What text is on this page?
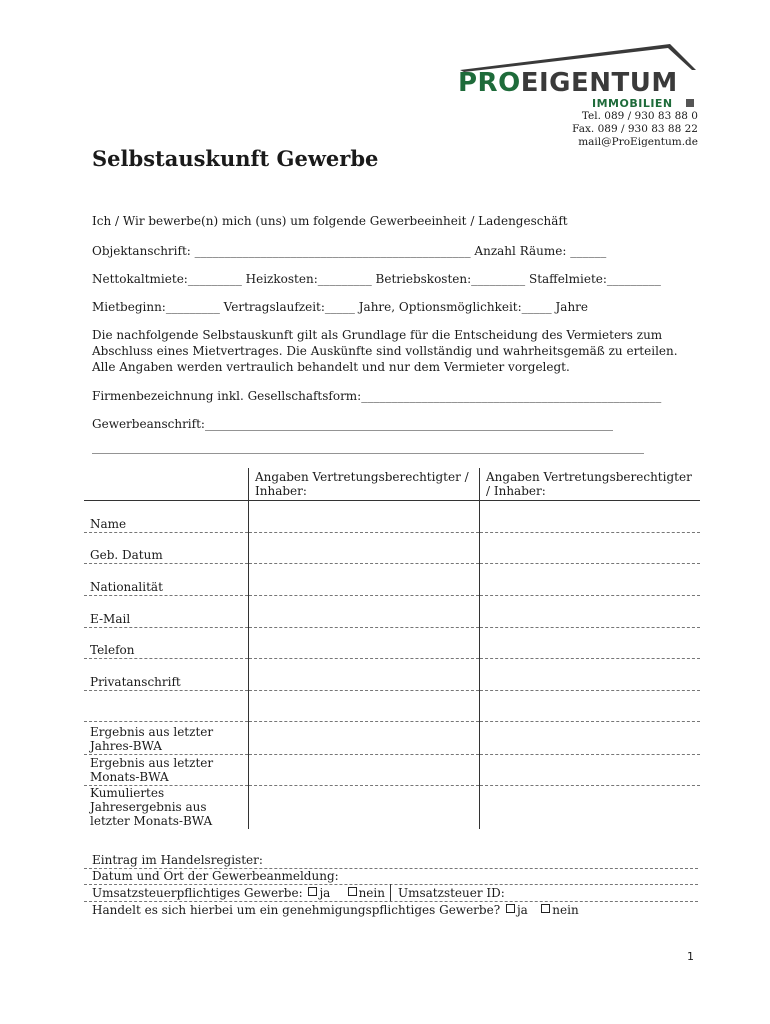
PROEIGENTUM
IMMOBILIEN
Tel. 089 / 930 83 88 0
Fax. 089 / 930 83 88 22
mail@ProEigentum.de
Selbstauskunft Gewerbe
Ich / Wir bewerbe(n) mich (uns) um folgende Gewerbeeinheit / Ladengeschäft
Objektanschrift: ______________________________________________ Anzahl Räume: ______
Nettokaltmiete:_________ Heizkosten:_________ Betriebskosten:_________ Staffelmiete:_________
Mietbeginn:_________ Vertragslaufzeit:_____ Jahre, Optionsmöglichkeit:_____ Jahre
Die nachfolgende Selbstauskunft gilt als Grundlage für die Entscheidung des Vermieters zum Abschluss eines Mietvertrages. Die Auskünfte sind vollständig und wahrheitsgemäß zu erteilen. Alle Angaben werden vertraulich behandelt und nur dem Vermieter vorgelegt.
Firmenbezeichnung inkl. Gesellschaftsform:__________________________________________________
Gewerbeanschrift:____________________________________________________________________
____________________________________________________________________________________________
	Angaben Vertretungsberechtigter / Inhaber:	Angaben Vertretungsberechtigter / Inhaber:
Name		
Geb. Datum		
Nationalität		
E-Mail		
Telefon		
Privatanschrift		

Ergebnis aus letzter Jahres-BWA		
Ergebnis aus letzter Monats-BWA		
Kumuliertes Jahresergebnis aus letzter Monats-BWA		
Eintrag im Handelsregister:
Datum und Ort der Gewerbeanmeldung:
Umsatzsteuerpflichtiges Gewerbe: ja nein Umsatzsteuer ID:
Handelt es sich hierbei um ein genehmigungspflichtiges Gewerbe? ja nein
1
